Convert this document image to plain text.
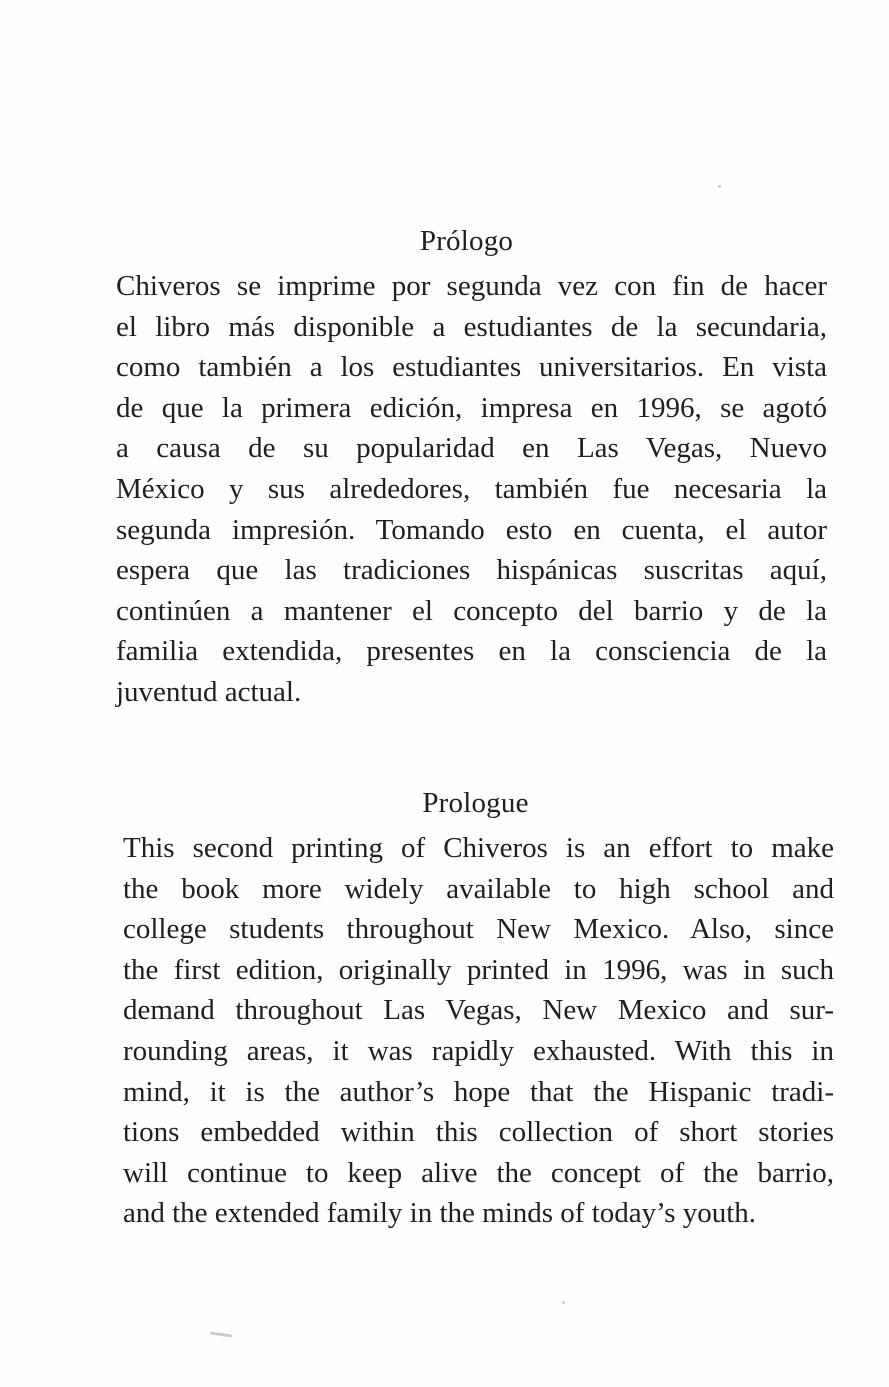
Prólogo

Chiveros se imprime por segunda vez con fin de hacer
el libro más disponible a estudiantes de la secundaria,
como también a los estudiantes universitarios. En vista
de que la primera edición, impresa en 1996, se agotó
a causa de su popularidad en Las Vegas, Nuevo
México y sus alrededores, también fue necesaria la
segunda impresión. Tomando esto en cuenta, el autor
espera que las tradiciones hispánicas suscritas aquí,
continúen a mantener el concepto del barrio y de la
familia extendida, presentes en la consciencia de la
juventud actual.

Prologue

This second printing of Chiveros is an effort to make
the book more widely available to high school and
college students throughout New Mexico. Also, since
the first edition, originally printed in 1996, was in such
demand throughout Las Vegas, New Mexico and sur-
rounding areas, it was rapidly exhausted. With this in
mind, it is the author’s hope that the Hispanic tradi-
tions embedded within this collection of short stories
will continue to keep alive the concept of the barrio,
and the extended family in the minds of today’s youth.
